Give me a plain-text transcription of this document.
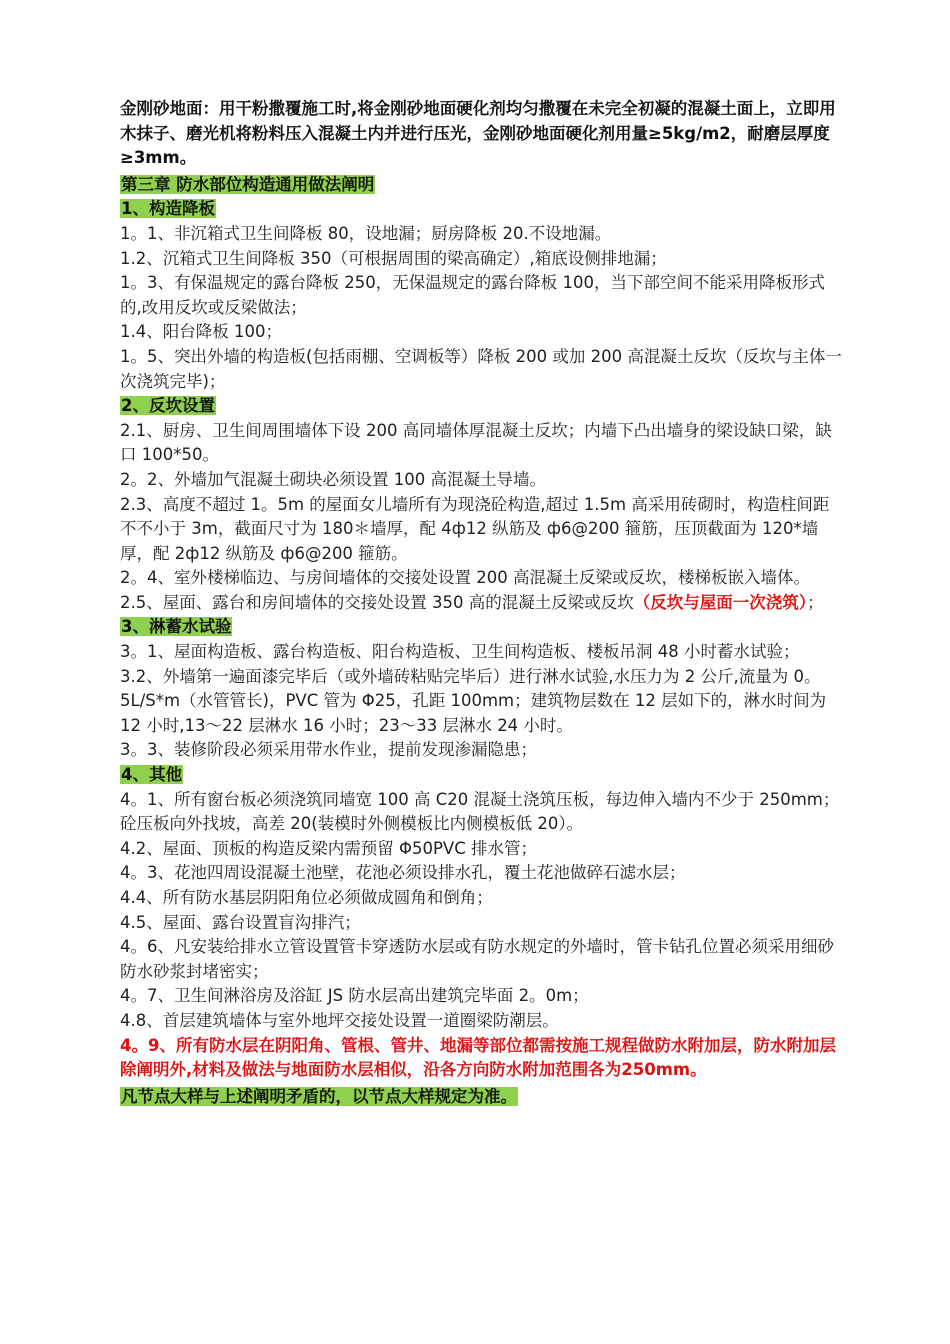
金刚砂地面：用干粉撒覆施工时,将金刚砂地面硬化剂均匀撒覆在未完全初凝的混凝土面上，立即用木抹子、磨光机将粉料压入混凝土内并进行压光，金刚砂地面硬化剂用量≥5kg/m2，耐磨层厚度≥3mm。

第三章 防水部位构造通用做法阐明

1、构造降板

1。1、非沉箱式卫生间降板 80，设地漏；厨房降板 20.不设地漏。

1.2、沉箱式卫生间降板 350（可根据周围的梁高确定）,箱底设侧排地漏；

1。3、有保温规定的露台降板 250，无保温规定的露台降板 100，当下部空间不能采用降板形式的,改用反坎或反梁做法；

1.4、阳台降板 100；

1。5、突出外墙的构造板(包括雨棚、空调板等）降板 200 或加 200 高混凝土反坎（反坎与主体一次浇筑完毕)；

2、反坎设置

2.1、厨房、卫生间周围墙体下设 200 高同墙体厚混凝土反坎；内墙下凸出墙身的梁设缺口梁，缺口 100*50。

2。2、外墙加气混凝土砌块必须设置 100 高混凝土导墙。

2.3、高度不超过 1。5m 的屋面女儿墙所有为现浇砼构造,超过 1.5m 高采用砖砌时，构造柱间距不不小于 3m，截面尺寸为 180＊墙厚，配 4ф12 纵筋及 ф6@200 箍筋，压顶截面为 120*墙厚，配 2ф12 纵筋及 ф6@200 箍筋。

2。4、室外楼梯临边、与房间墙体的交接处设置 200 高混凝土反梁或反坎，楼梯板嵌入墙体。

2.5、屋面、露台和房间墙体的交接处设置 350 高的混凝土反梁或反坎（反坎与屋面一次浇筑）；

3、淋蓄水试验

3。1、屋面构造板、露台构造板、阳台构造板、卫生间构造板、楼板吊洞 48 小时蓄水试验；

3.2、外墙第一遍面漆完毕后（或外墙砖粘贴完毕后）进行淋水试验,水压力为 2 公斤,流量为 0。5L/S*m（水管管长)，PVC 管为 Φ25，孔距 100mm；建筑物层数在 12 层如下的，淋水时间为 12 小时,13～22 层淋水 16 小时；23～33 层淋水 24 小时。

3。3、装修阶段必须采用带水作业，提前发现渗漏隐患；

4、其他

4。1、所有窗台板必须浇筑同墙宽 100 高 C20 混凝土浇筑压板，每边伸入墙内不少于 250mm；

砼压板向外找坡，高差 20(装模时外侧模板比内侧模板低 20）。

4.2、屋面、顶板的构造反梁内需预留 Φ50PVC 排水管；

4。3、花池四周设混凝土池壁，花池必须设排水孔，覆土花池做碎石滤水层；

4.4、所有防水基层阴阳角位必须做成圆角和倒角；

4.5、屋面、露台设置盲沟排汽；

4。6、凡安装给排水立管设置管卡穿透防水层或有防水规定的外墙时，管卡钻孔位置必须采用细砂防水砂浆封堵密实；

4。7、卫生间淋浴房及浴缸 JS 防水层高出建筑完毕面 2。0m；

4.8、首层建筑墙体与室外地坪交接处设置一道圈梁防潮层。

4。9、所有防水层在阴阳角、管根、管井、地漏等部位都需按施工规程做防水附加层，防水附加层除阐明外,材料及做法与地面防水层相似，沿各方向防水附加范围各为250mm。

凡节点大样与上述阐明矛盾的，以节点大样规定为准。
